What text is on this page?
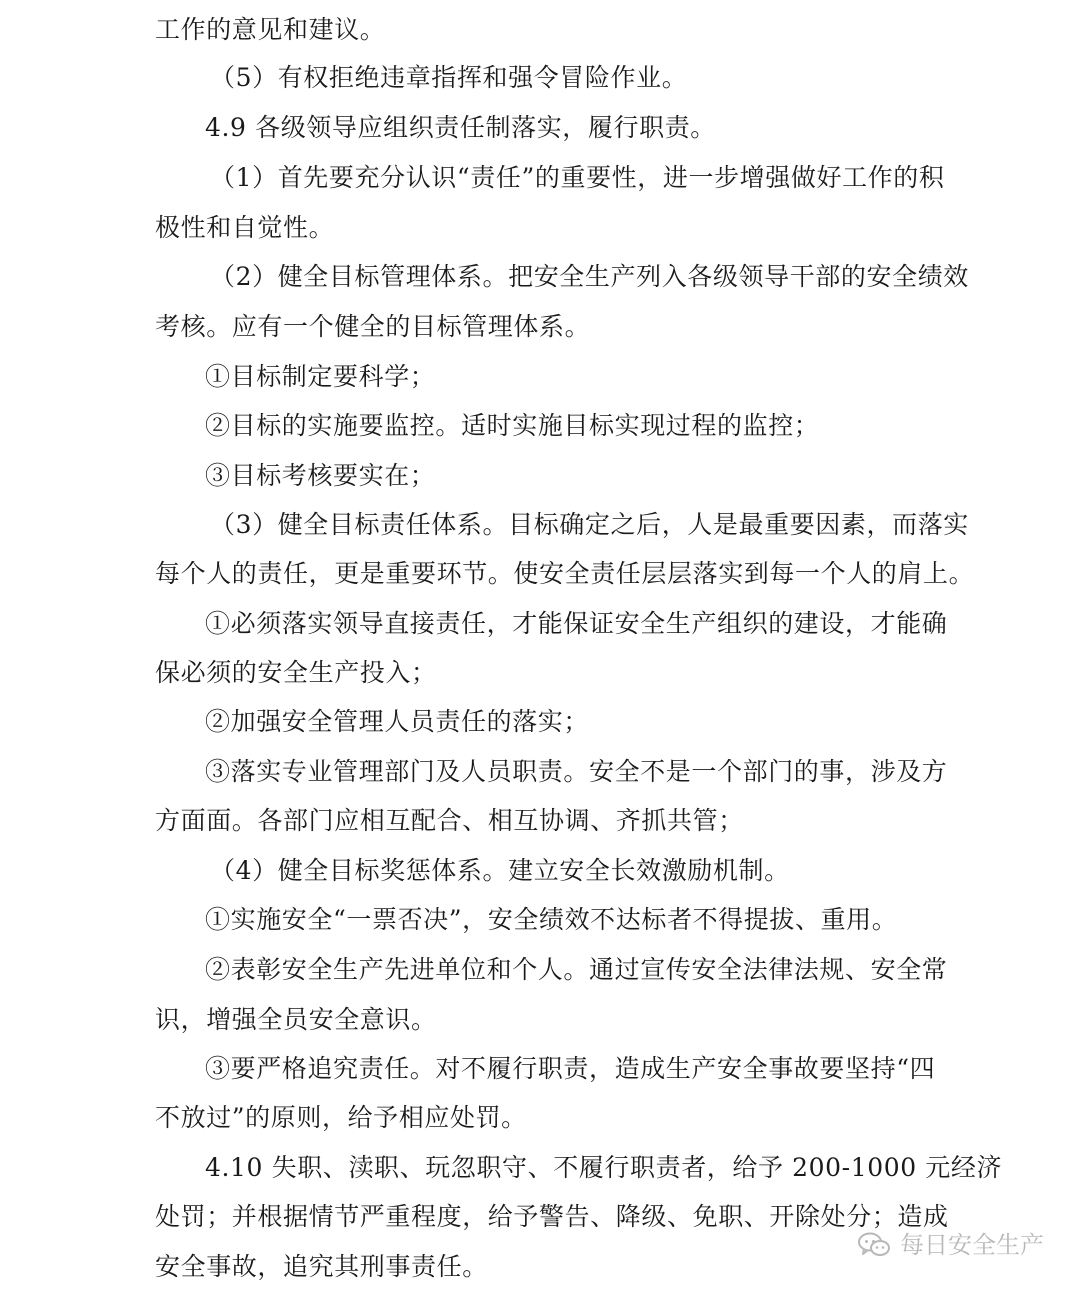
工作的意见和建议。
（5）有权拒绝违章指挥和强令冒险作业。
4.9 各级领导应组织责任制落实，履行职责。
（1）首先要充分认识“责任”的重要性，进一步增强做好工作的积
极性和自觉性。
（2）健全目标管理体系。把安全生产列入各级领导干部的安全绩效
考核。应有一个健全的目标管理体系。
①目标制定要科学；
②目标的实施要监控。适时实施目标实现过程的监控；
③目标考核要实在；
（3）健全目标责任体系。目标确定之后，人是最重要因素，而落实
每个人的责任，更是重要环节。使安全责任层层落实到每一个人的肩上。
①必须落实领导直接责任，才能保证安全生产组织的建设，才能确
保必须的安全生产投入；
②加强安全管理人员责任的落实；
③落实专业管理部门及人员职责。安全不是一个部门的事，涉及方
方面面。各部门应相互配合、相互协调、齐抓共管；
（4）健全目标奖惩体系。建立安全长效激励机制。
①实施安全“一票否决”，安全绩效不达标者不得提拔、重用。
②表彰安全生产先进单位和个人。通过宣传安全法律法规、安全常
识，增强全员安全意识。
③要严格追究责任。对不履行职责，造成生产安全事故要坚持“四
不放过”的原则，给予相应处罚。
4.10 失职、渎职、玩忽职守、不履行职责者，给予 200-1000 元经济
处罚；并根据情节严重程度，给予警告、降级、免职、开除处分；造成
安全事故，追究其刑事责任。
每日安全生产
